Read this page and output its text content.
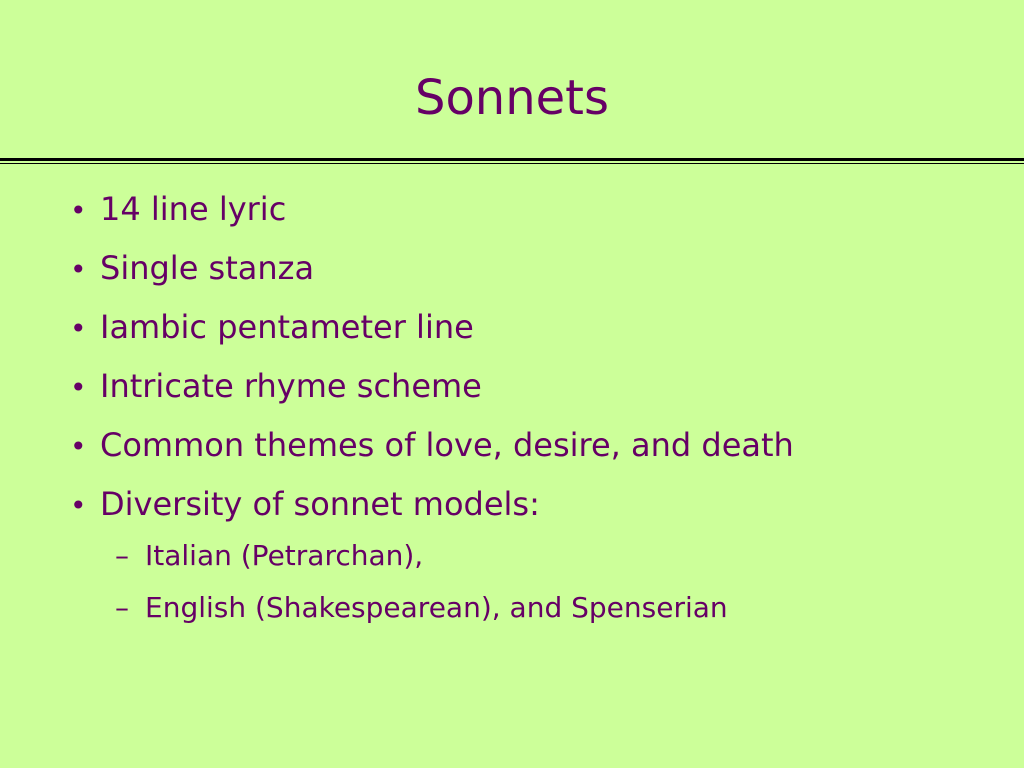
Sonnets
• 14 line lyric
• Single stanza
• Iambic pentameter line
• Intricate rhyme scheme
• Common themes of love, desire, and death
• Diversity of sonnet models:
– Italian (Petrarchan),
– English (Shakespearean), and Spenserian
